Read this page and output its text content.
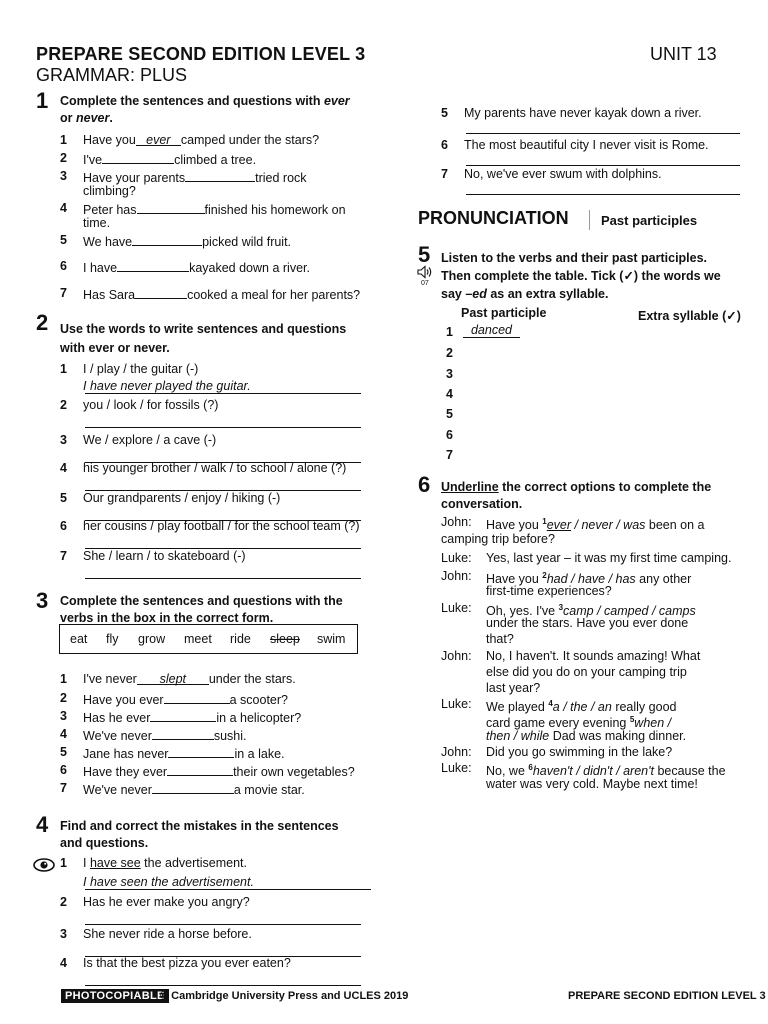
PREPARE SECOND EDITION LEVEL 3
GRAMMAR: PLUS
UNIT 13
1 Complete the sentences and questions with ever
or never.
1 Have you ever camped under the stars?
2 I've	climbed a tree.
3 Have your parents	tried rock
climbing?
4 Peter has	finished his homework on
time.
5 We have	picked wild fruit.
6 I have	kayaked down a river.
7 Has Sara	cooked a meal for her parents?
2 Use the words to write sentences and questions
with ever or never.
1 I / play / the guitar (-)
I have never played the guitar.
2 you / look / for fossils (?)
3 We / explore / a cave (-)
4 his younger brother / walk / to school / alone (?)
5 Our grandparents / enjoy / hiking (-)
6 her cousins / play football / for the school team (?)
7 She / learn / to skateboard (-)
3 Complete the sentences and questions with the
verbs in the box in the correct form.
eat fly grow meet ride sleep swim
1 I've never slept under the stars.
2 Have you ever	a scooter?
3 Has he ever	in a helicopter?
4 We've never	sushi.
5 Jane has never	in a lake.
6 Have they ever	their own vegetables?
7 We've never	a movie star.
4 Find and correct the mistakes in the sentences
and questions.
1 I have see the advertisement.
I have seen the advertisement.
2 Has he ever make you angry?
3 She never ride a horse before.
4 Is that the best pizza you ever eaten?
5 My parents have never kayak down a river.
6 The most beautiful city I never visit is Rome.
7 No, we've ever swum with dolphins.
PRONUNCIATION Past participles
5 Listen to the verbs and their past participles.
Then complete the table. Tick (✓) the words we
say –ed as an extra syllable.
07
Past participle	Extra syllable (✓)
1	danced
2
3
4
5
6
7
6 Underline the correct options to complete the
conversation.
John: Have you $^1$ever / never / was been on a
camping trip before?
Luke: Yes, last year – it was my first time camping.
John: Have you $^2$had / have / has any other
first-time experiences?
Luke: Oh, yes. I've $^3$camp / camped / camps
under the stars. Have you ever done
that?
John: No, I haven't. It sounds amazing! What
else did you do on your camping trip
last year?
Luke: We played $^4$a / the / an really good
card game every evening $^5$when /
then / while Dad was making dinner.
John: Did you go swimming in the lake?
Luke: No, we $^6$haven't / didn't / aren't because the
water was very cold. Maybe next time!
PHOTOCOPIABLE
© Cambridge University Press and UCLES 2019	PREPARE SECOND EDITION LEVEL 3
